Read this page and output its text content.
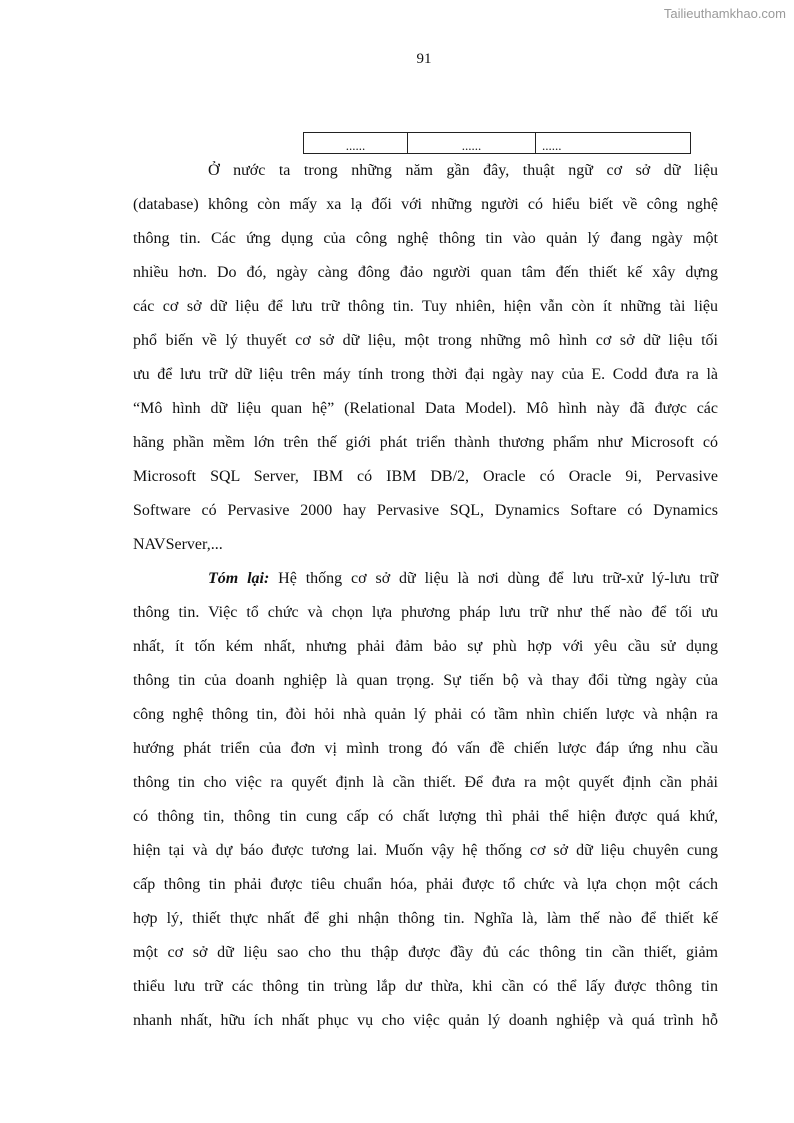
Tailieuthamkhao.com
91
......	......	......
Ở nước ta trong những năm gần đây, thuật ngữ cơ sở dữ liệu
(database) không còn mấy xa lạ đối với những người có hiểu biết về công nghệ
thông tin. Các ứng dụng của công nghệ thông tin vào quản lý đang ngày một
nhiều hơn. Do đó, ngày càng đông đảo người quan tâm đến thiết kế xây dựng
các cơ sở dữ liệu để lưu trữ thông tin. Tuy nhiên, hiện vẫn còn ít những tài liệu
phổ biến về lý thuyết cơ sở dữ liệu, một trong những mô hình cơ sở dữ liệu tối
ưu để lưu trữ dữ liệu trên máy tính trong thời đại ngày nay của E. Codd đưa ra là
“Mô hình dữ liệu quan hệ” (Relational Data Model). Mô hình này đã được các
hãng phần mềm lớn trên thế giới phát triển thành thương phẩm như Microsoft có
Microsoft SQL Server, IBM có IBM DB/2, Oracle có Oracle 9i, Pervasive
Software có Pervasive 2000 hay Pervasive SQL, Dynamics Softare có Dynamics
NAVServer,...
Tóm lại: Hệ thống cơ sở dữ liệu là nơi dùng để lưu trữ-xử lý-lưu trữ
thông tin. Việc tổ chức và chọn lựa phương pháp lưu trữ như thế nào để tối ưu
nhất, ít tốn kém nhất, nhưng phải đảm bảo sự phù hợp với yêu cầu sử dụng
thông tin của doanh nghiệp là quan trọng. Sự tiến bộ và thay đổi từng ngày của
công nghệ thông tin, đòi hỏi nhà quản lý phải có tầm nhìn chiến lược và nhận ra
hướng phát triển của đơn vị mình trong đó vấn đề chiến lược đáp ứng nhu cầu
thông tin cho việc ra quyết định là cần thiết. Để đưa ra một quyết định cần phải
có thông tin, thông tin cung cấp có chất lượng thì phải thể hiện được quá khứ,
hiện tại và dự báo được tương lai. Muốn vậy hệ thống cơ sở dữ liệu chuyên cung
cấp thông tin phải được tiêu chuẩn hóa, phải được tổ chức và lựa chọn một cách
hợp lý, thiết thực nhất để ghi nhận thông tin. Nghĩa là, làm thế nào để thiết kế
một cơ sở dữ liệu sao cho thu thập được đầy đủ các thông tin cần thiết, giảm
thiểu lưu trữ các thông tin trùng lắp dư thừa, khi cần có thể lấy được thông tin
nhanh nhất, hữu ích nhất phục vụ cho việc quản lý doanh nghiệp và quá trình hỗ
